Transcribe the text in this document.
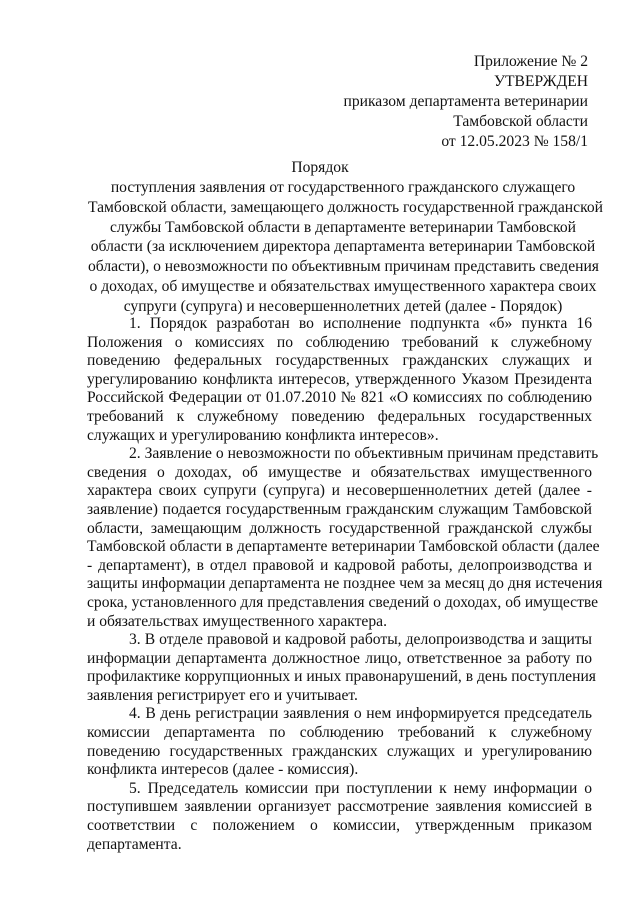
Приложение № 2
УТВЕРЖДЕН
приказом департамента ветеринарии
Тамбовской области
от 12.05.2023 № 158/1
Порядок
поступления заявления от государственного гражданского служащего
Тамбовской области, замещающего должность государственной гражданской
службы Тамбовской области в департаменте ветеринарии Тамбовской
области (за исключением директора департамента ветеринарии Тамбовской
области), о невозможности по объективным причинам представить сведения
о доходах, об имуществе и обязательствах имущественного характера своих
супруги (супруга) и несовершеннолетних детей (далее - Порядок)
1. Порядок разработан во исполнение подпункта «б» пункта 16
Положения о комиссиях по соблюдению требований к служебному
поведению федеральных государственных гражданских служащих и
урегулированию конфликта интересов, утвержденного Указом Президента
Российской Федерации от 01.07.2010 № 821 «О комиссиях по соблюдению
требований к служебному поведению федеральных государственных
служащих и урегулированию конфликта интересов».
2. Заявление о невозможности по объективным причинам представить
сведения о доходах, об имуществе и обязательствах имущественного
характера своих супруги (супруга) и несовершеннолетних детей (далее -
заявление) подается государственным гражданским служащим Тамбовской
области, замещающим должность государственной гражданской службы
Тамбовской области в департаменте ветеринарии Тамбовской области (далее
- департамент), в отдел правовой и кадровой работы, делопроизводства и
защиты информации департамента не позднее чем за месяц до дня истечения
срока, установленного для представления сведений о доходах, об имуществе
и обязательствах имущественного характера.
3. В отделе правовой и кадровой работы, делопроизводства и защиты
информации департамента должностное лицо, ответственное за работу по
профилактике коррупционных и иных правонарушений, в день поступления
заявления регистрирует его и учитывает.
4. В день регистрации заявления о нем информируется председатель
комиссии департамента по соблюдению требований к служебному
поведению государственных гражданских служащих и урегулированию
конфликта интересов (далее - комиссия).
5. Председатель комиссии при поступлении к нему информации о
поступившем заявлении организует рассмотрение заявления комиссией в
соответствии с положением о комиссии, утвержденным приказом
департамента.
